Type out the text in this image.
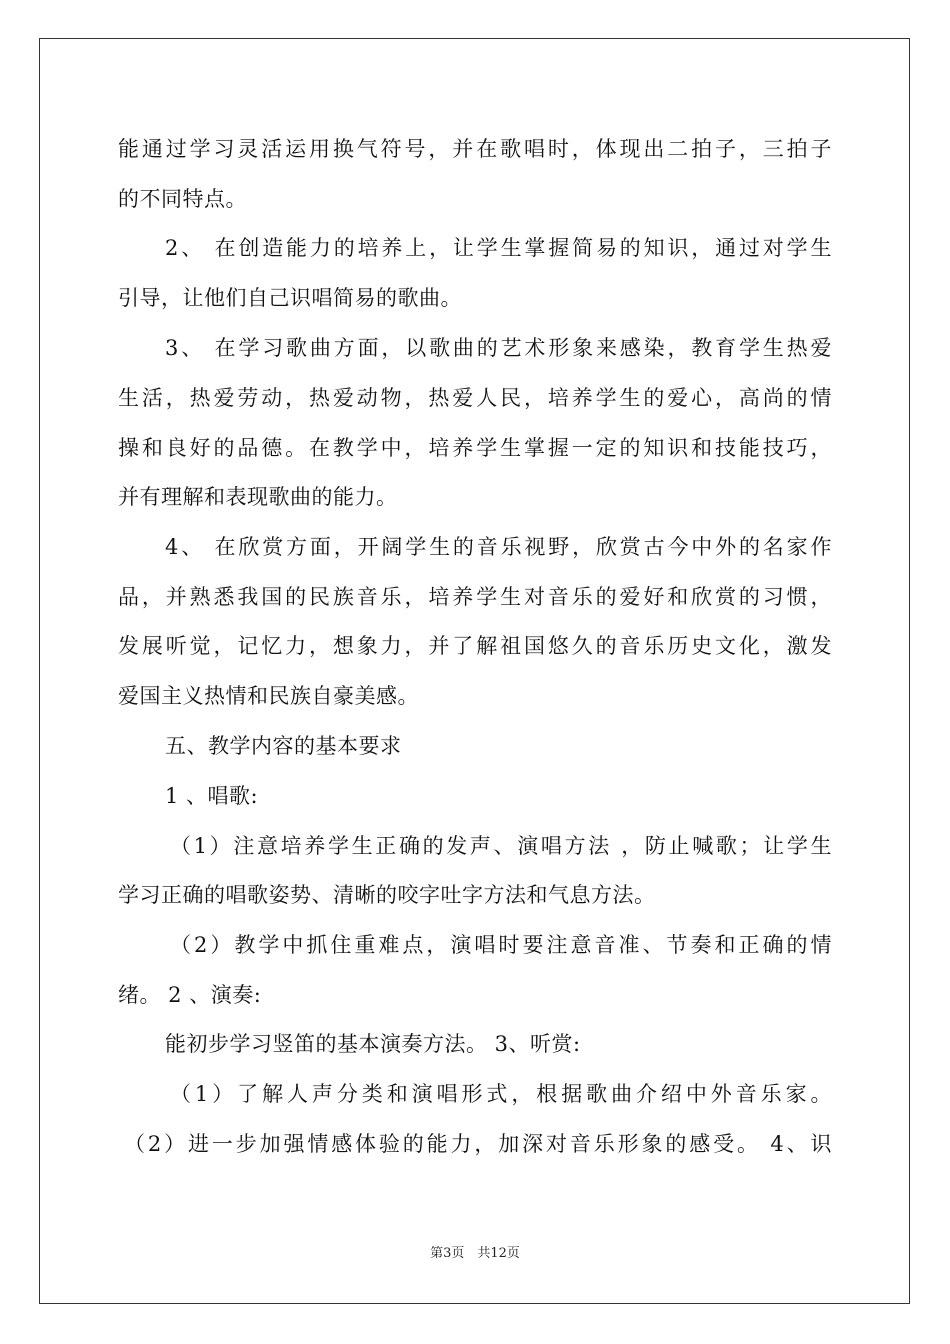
能通过学习灵活运用换气符号，并在歌唱时，体现出二拍子，三拍子
的不同特点。
2、 在创造能力的培养上，让学生掌握简易的知识，通过对学生
引导，让他们自己识唱简易的歌曲。
3、 在学习歌曲方面，以歌曲的艺术形象来感染，教育学生热爱
生活，热爱劳动，热爱动物，热爱人民，培养学生的爱心，高尚的情
操和良好的品德。在教学中，培养学生掌握一定的知识和技能技巧，
并有理解和表现歌曲的能力。
4、 在欣赏方面，开阔学生的音乐视野，欣赏古今中外的名家作
品，并熟悉我国的民族音乐，培养学生对音乐的爱好和欣赏的习惯，
发展听觉，记忆力，想象力，并了解祖国悠久的音乐历史文化，激发
爱国主义热情和民族自豪美感。
五、教学内容的基本要求
1 、唱歌:
（1）注意培养学生正确的发声、演唱方法 ，防止喊歌；让学生
学习正确的唱歌姿势、清晰的咬字吐字方法和气息方法。
（2）教学中抓住重难点，演唱时要注意音准、节奏和正确的情
绪。 2 、演奏:
能初步学习竖笛的基本演奏方法。 3、听赏:
（1）了解人声分类和演唱形式，根据歌曲介绍中外音乐家。
（2）进一步加强情感体验的能力，加深对音乐形象的感受。 4、识
第3页　共12页
